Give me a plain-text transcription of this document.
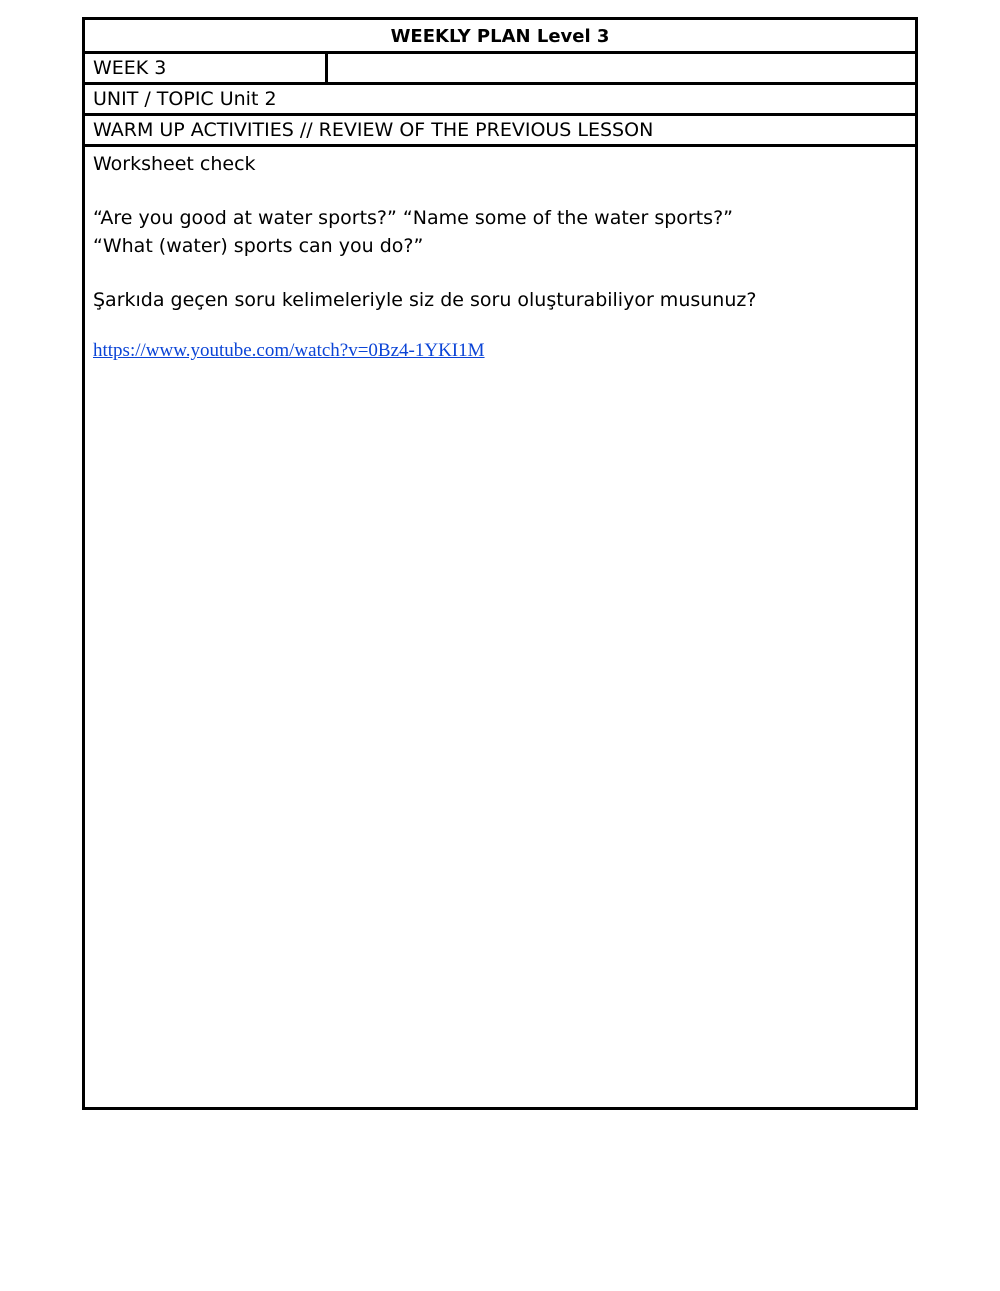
WEEKLY PLAN Level 3
WEEK 3
UNIT / TOPIC Unit 2
WARM UP ACTIVITIES // REVIEW OF THE PREVIOUS LESSON

Worksheet check

“Are you good at water sports?” “Name some of the water sports?”

“What (water) sports can you do?”

Şarkıda geçen soru kelimeleriyle siz de soru oluşturabiliyor musunuz?

https://www.youtube.com/watch?v=0Bz4-1YKI1M
